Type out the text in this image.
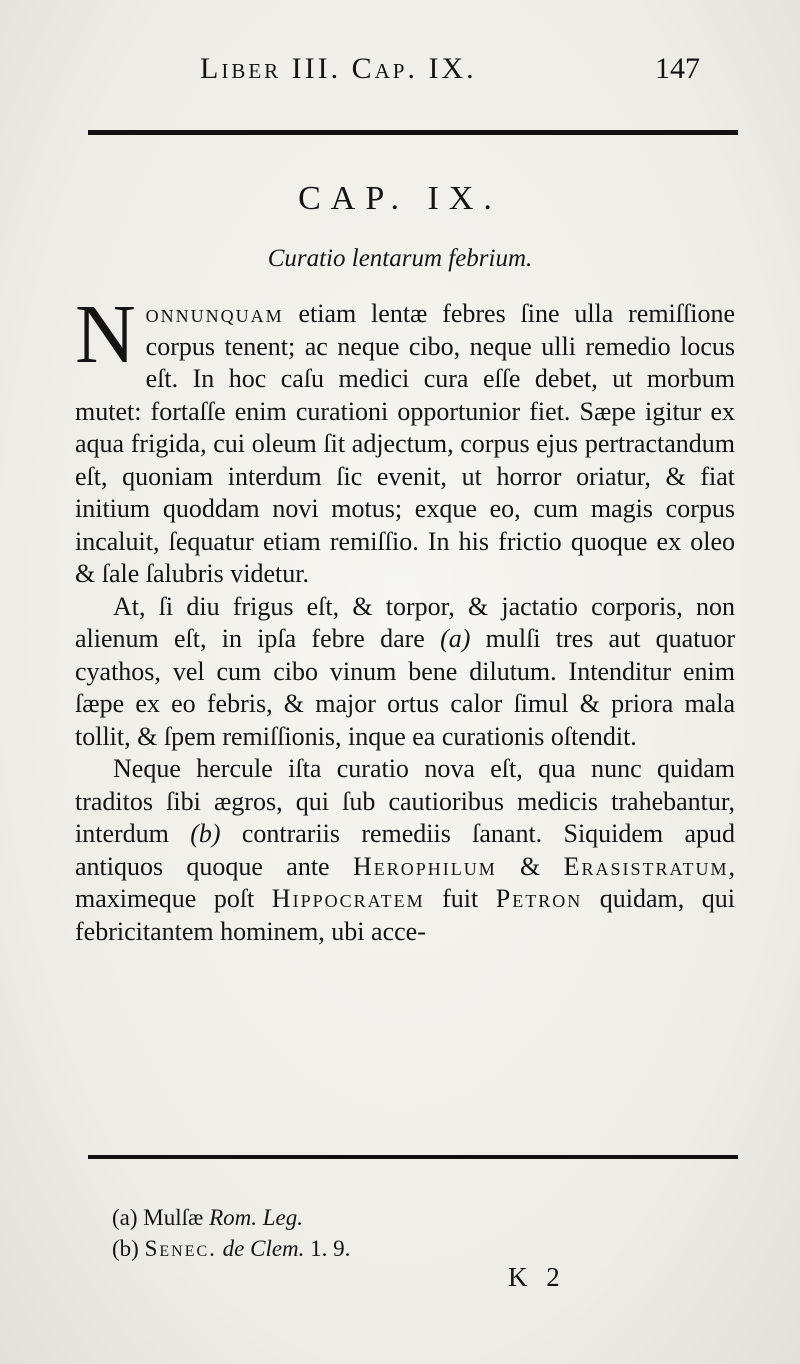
Liber III. Cap. IX.	147
CAP. IX.
Curatio lentarum febrium.

Nonnunquam etiam lentæ febres ſine ulla remiſſione corpus tenent; ac neque cibo, neque ulli remedio locus eſt. In hoc caſu medici cura eſſe debet, ut morbum mutet: fortaſſe enim curationi opportunior fiet. Sæpe igitur ex aqua frigida, cui oleum ſit adjectum, corpus ejus pertractandum eſt, quoniam interdum ſic evenit, ut horror oriatur, & fiat initium quoddam novi motus; exque eo, cum magis corpus incaluit, ſequatur etiam remiſſio. In his frictio quoque ex oleo & ſale ſalubris videtur.

At, ſi diu frigus eſt, & torpor, & jactatio corporis, non alienum eſt, in ipſa febre dare (a) mulſi tres aut quatuor cyathos, vel cum cibo vinum bene dilutum. Intenditur enim ſæpe ex eo febris, & major ortus calor ſimul & priora mala tollit, & ſpem remiſſionis, inque ea curationis oſtendit.

Neque hercule iſta curatio nova eſt, qua nunc quidam traditos ſibi ægros, qui ſub cautioribus medicis trahebantur, interdum (b) contrariis remediis ſanant. Siquidem apud antiquos quoque ante Herophilum & Erasistratum, maximeque poſt Hippocratem fuit Petron quidam, qui febricitantem hominem, ubi acce-

(a) Mulſæ Rom. Leg.
(b) Senec. de Clem. 1. 9.
K 2
